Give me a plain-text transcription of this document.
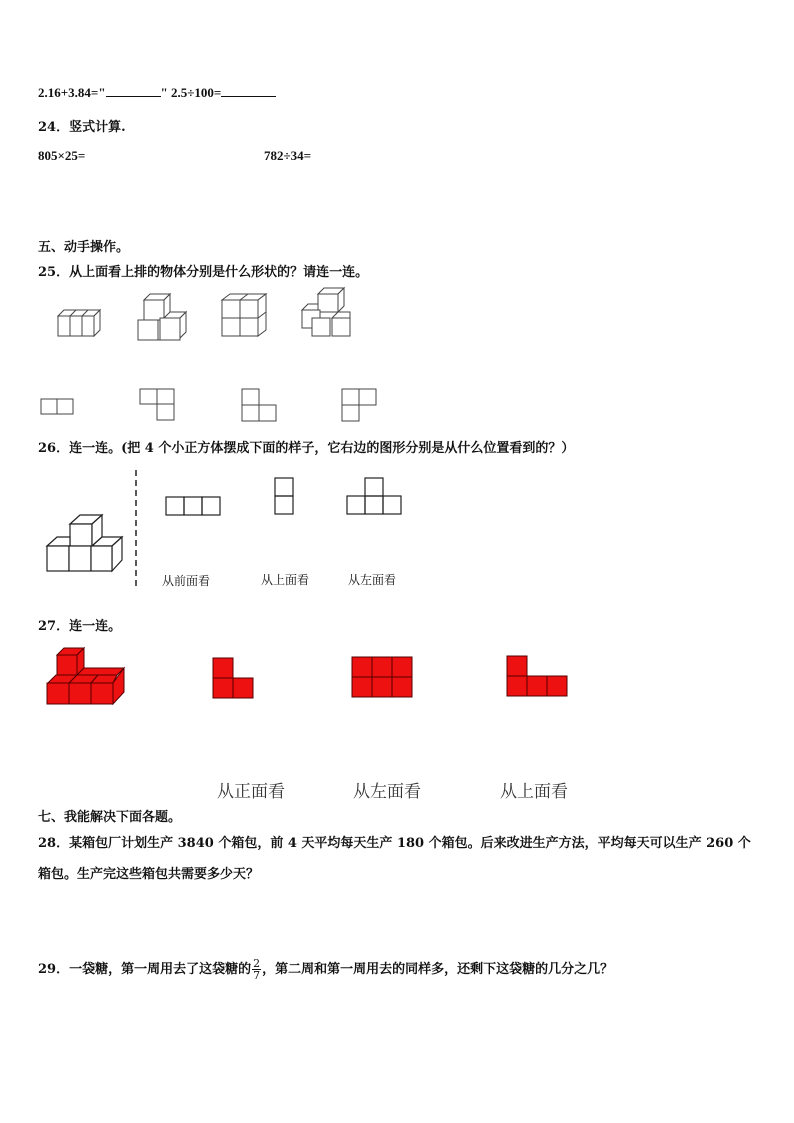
2.16+3.84="	" 2.5÷100=
24．竖式计算.
805×25=	782÷34=
五、动手操作。
25．从上面看上排的物体分别是什么形状的？请连一连。
26．连一连。(把 4 个小正方体摆成下面的样子，它右边的图形分别是从什么位置看到的？）
从前面看	从上面看	从左面看
27．连一连。
从正面看	从左面看	从上面看
七、我能解决下面各题。
28．某箱包厂计划生产 3840 个箱包，前 4 天平均每天生产 180 个箱包。后来改进生产方法，平均每天可以生产 260 个
箱包。生产完这些箱包共需要多少天？
29．一袋糖，第一周用去了这袋糖的 $\frac{2}{7}$ ，第二周和第一周用去的同样多，还剩下这袋糖的几分之几？
